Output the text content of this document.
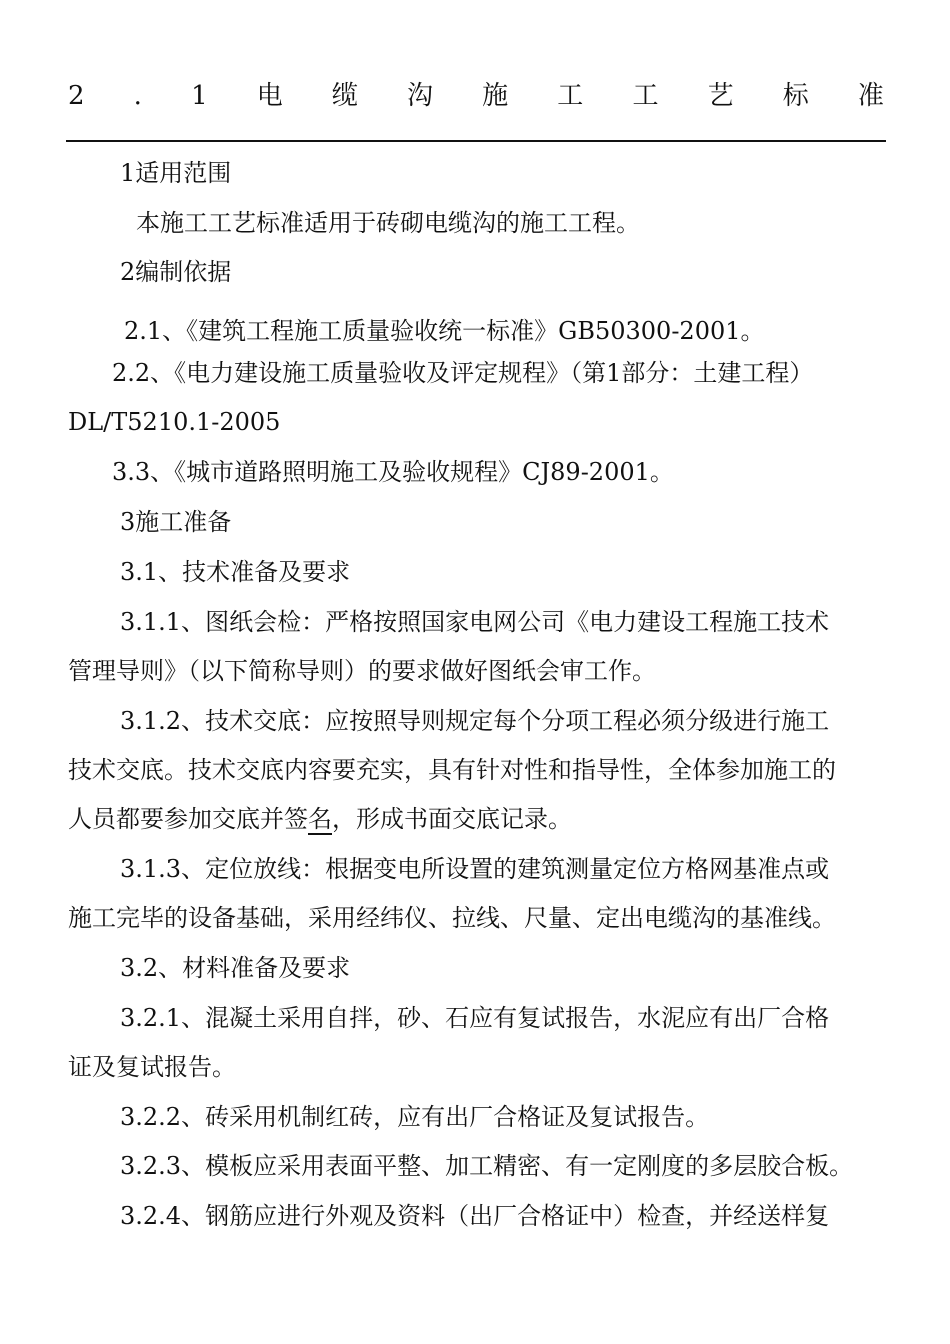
2 . 1 电 缆 沟 施 工 工 艺 标 准
1适用范围
本施工工艺标准适用于砖砌电缆沟的施工工程。
2编制依据
2.1、《建筑工程施工质量验收统一标准》GB50300-2001。
2.2、《电力建设施工质量验收及评定规程》（第1部分：土建工程）
DL/T5210.1-2005
3.3、《城市道路照明施工及验收规程》CJ89-2001。
3施工准备
3.1、技术准备及要求
3.1.1、图纸会检：严格按照国家电网公司《电力建设工程施工技术
管理导则》（以下简称导则）的要求做好图纸会审工作。
3.1.2、技术交底：应按照导则规定每个分项工程必须分级进行施工
技术交底。技术交底内容要充实，具有针对性和指导性，全体参加施工的
人员都要参加交底并签名，形成书面交底记录。
3.1.3、定位放线：根据变电所设置的建筑测量定位方格网基准点或
施工完毕的设备基础，采用经纬仪、拉线、尺量、定出电缆沟的基准线。
3.2、材料准备及要求
3.2.1、混凝土采用自拌，砂、石应有复试报告，水泥应有出厂合格
证及复试报告。
3.2.2、砖采用机制红砖，应有出厂合格证及复试报告。
3.2.3、模板应采用表面平整、加工精密、有一定刚度的多层胶合板。
3.2.4、钢筋应进行外观及资料（出厂合格证中）检查，并经送样复
